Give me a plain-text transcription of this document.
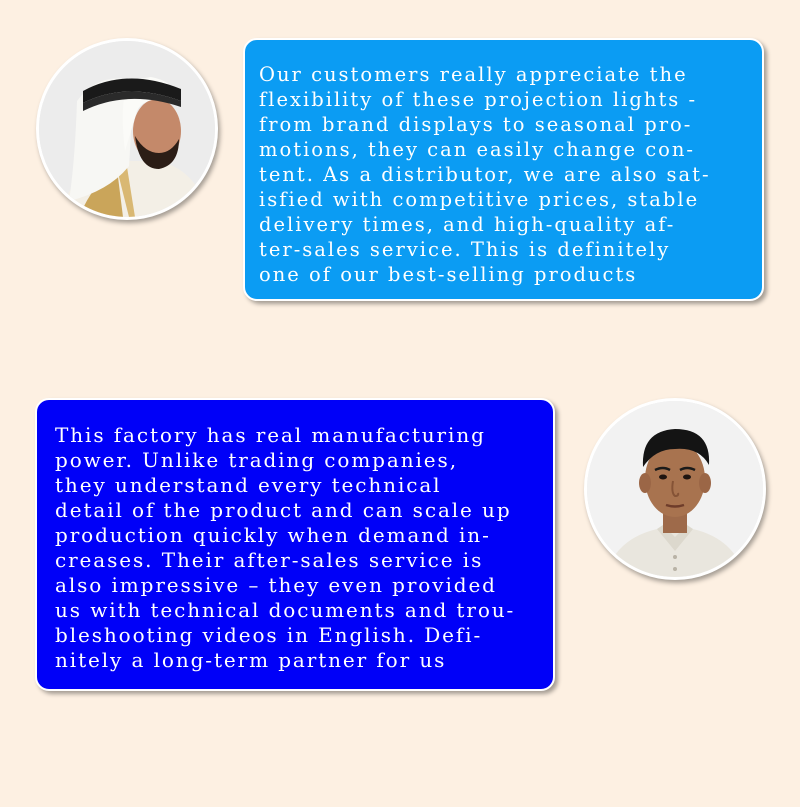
Our customers really appreciate the
flexibility of these projection lights -
from brand displays to seasonal pro-
motions, they can easily change con-
tent. As a distributor, we are also sat-
isfied with competitive prices, stable
delivery times, and high-quality af-
ter-sales service. This is definitely
one of our best-selling products
This factory has real manufacturing
power. Unlike trading companies,
they understand every technical
detail of the product and can scale up
production quickly when demand in-
creases. Their after-sales service is
also impressive – they even provided
us with technical documents and trou-
bleshooting videos in English. Defi-
nitely a long-term partner for us
